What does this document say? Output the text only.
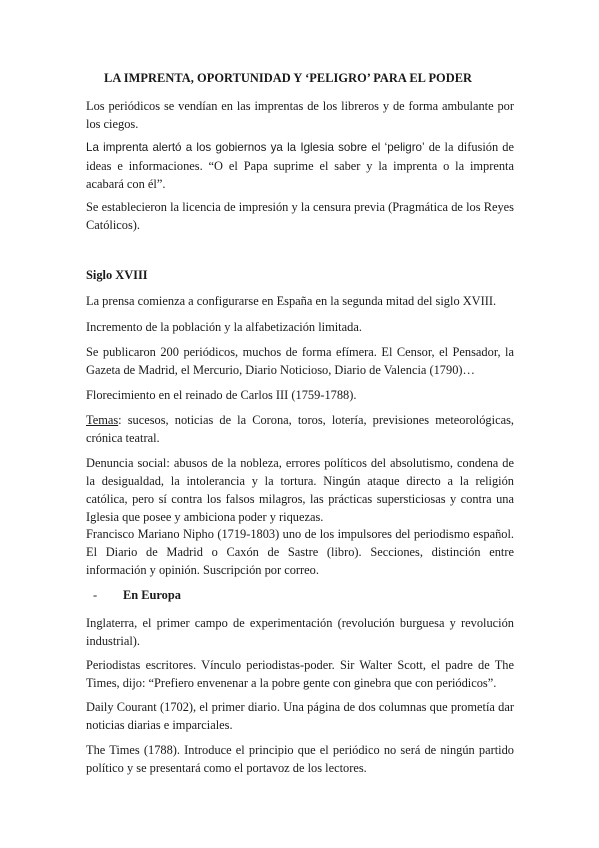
LA IMPRENTA, OPORTUNIDAD Y ‘PELIGRO’ PARA EL PODER

Los periódicos se vendían en las imprentas de los libreros y de forma ambulante por los ciegos.

La imprenta alertó a los gobiernos ya la Iglesia sobre el ‘peligro’ de la difusión de ideas e informaciones. “O el Papa suprime el saber y la imprenta o la imprenta acabará con él”.

Se establecieron la licencia de impresión y la censura previa (Pragmática de los Reyes Católicos).

Siglo XVIII

La prensa comienza a configurarse en España en la segunda mitad del siglo XVIII.

Incremento de la población y la alfabetización limitada.

Se publicaron 200 periódicos, muchos de forma efímera. El Censor, el Pensador, la Gazeta de Madrid, el Mercurio, Diario Noticioso, Diario de Valencia (1790)…

Florecimiento en el reinado de Carlos III (1759-1788).

Temas: sucesos, noticias de la Corona, toros, lotería, previsiones meteorológicas, crónica teatral.

Denuncia social: abusos de la nobleza, errores políticos del absolutismo, condena de la desigualdad, la intolerancia y la tortura. Ningún ataque directo a la religión católica, pero sí contra los falsos milagros, las prácticas supersticiosas y contra una Iglesia que posee y ambiciona poder y riquezas.

Francisco Mariano Nipho (1719-1803) uno de los impulsores del periodismo español. El Diario de Madrid o Caxón de Sastre (libro). Secciones, distinción entre información y opinión. Suscripción por correo.

- En Europa

Inglaterra, el primer campo de experimentación (revolución burguesa y revolución industrial).

Periodistas escritores. Vínculo periodistas-poder. Sir Walter Scott, el padre de The Times, dijo: “Prefiero envenenar a la pobre gente con ginebra que con periódicos”.

Daily Courant (1702), el primer diario. Una página de dos columnas que prometía dar noticias diarias e imparciales.

The Times (1788). Introduce el principio que el periódico no será de ningún partido político y se presentará como el portavoz de los lectores.
